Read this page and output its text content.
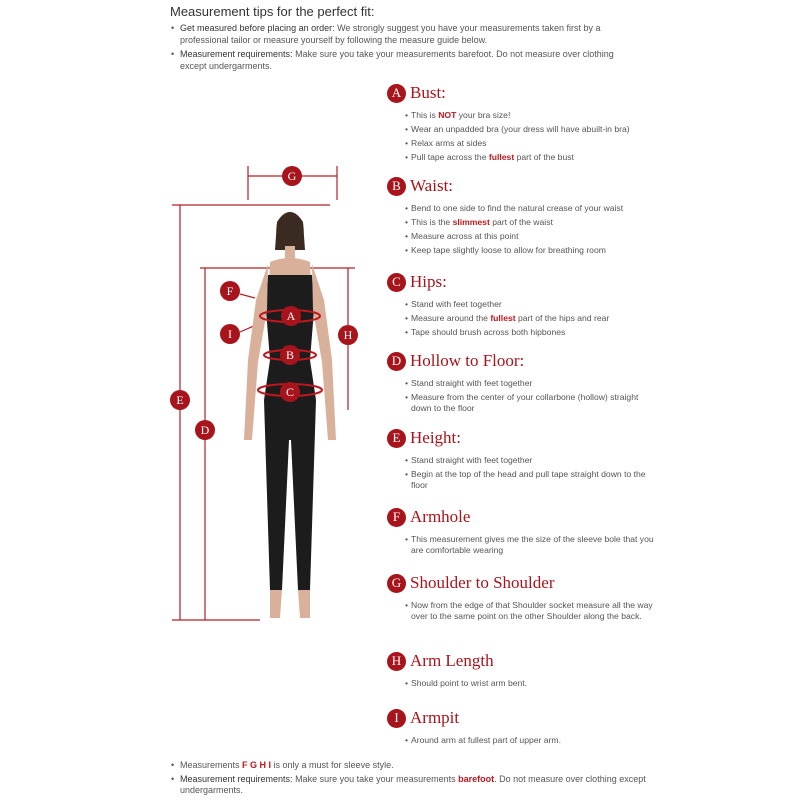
Measurement tips for the perfect fit:
• Get measured before placing an order: We strongly suggest you have your measurements taken first by a professional tailor or measure yourself by following the measure guide below.
• Measurement requirements: Make sure you take your measurements barefoot. Do not measure over clothing except undergarments.
G
A
B
C
D
E
F
H
I
A Bust:
• This is NOT your bra size!
• Wear an unpadded bra (your dress will have abuilt-in bra)
• Relax arms at sides
• Pull tape across the fullest part of the bust
B Waist:
• Bend to one side to find the natural crease of your waist
• This is the slimmest part of the waist
• Measure across at this point
• Keep tape slightly loose to allow for breathing room
C Hips:
• Stand with feet together
• Measure around the fullest part of the hips and rear
• Tape should brush across both hipbones
D Hollow to Floor:
• Stand straight with feet together
• Measure from the center of your collarbone (hollow) straight down to the floor
E Height:
• Stand straight with feet together
• Begin at the top of the head and pull tape straight down to the floor
F Armhole
• This measurement gives me the size of the sleeve bole that you are comfortable wearing
G Shoulder to Shoulder
• Now from the edge of that Shoulder socket measure all the way over to the same point on the other Shoulder along the back.
H Arm Length
• Should point to wrist arm bent.
I Armpit
• Around arm at fullest part of upper arm.
• Measurements F G H I is only a must for sleeve style.
• Measurement requirements: Make sure you take your measurements barefoot. Do not measure over clothing except undergarments.
